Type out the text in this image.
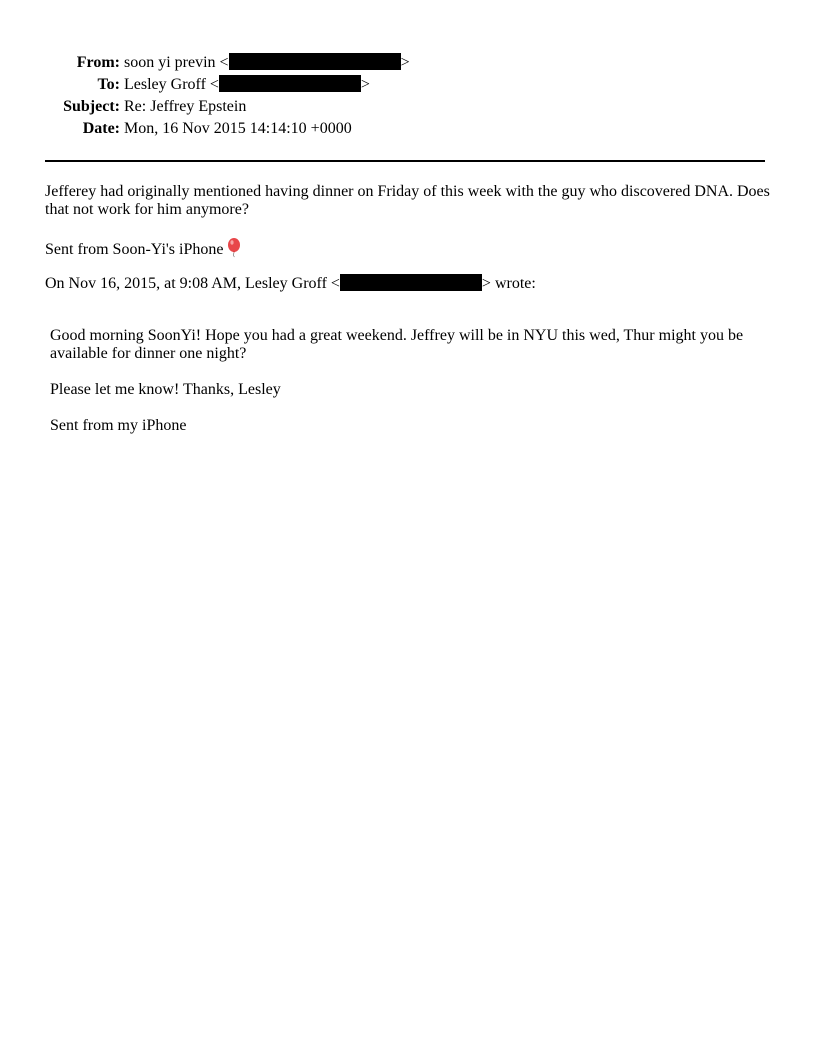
From: soon yi previn <	>
To: Lesley Groff <	>
Subject: Re: Jeffrey Epstein
Date: Mon, 16 Nov 2015 14:14:10 +0000

Jefferey had originally mentioned having dinner on Friday of this week with the guy who discovered DNA. Does that not work for him anymore?

Sent from Soon-Yi's iPhone

On Nov 16, 2015, at 9:08 AM, Lesley Groff <	> wrote:

Good morning SoonYi! Hope you had a great weekend. Jeffrey will be in NYU this wed, Thur might you be available for dinner one night?

Please let me know! Thanks, Lesley

Sent from my iPhone
